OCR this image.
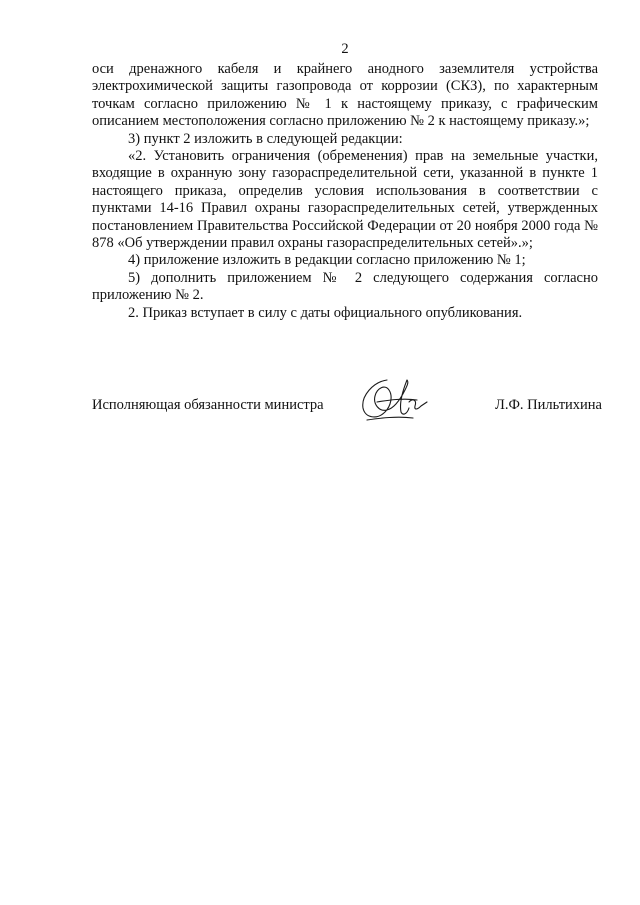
2

оси дренажного кабеля и крайнего анодного заземлителя устройства электрохимической защиты газопровода от коррозии (СКЗ), по характерным точкам согласно приложению № 1 к настоящему приказу, с графическим описанием местоположения согласно приложению № 2 к настоящему приказу.»;

3) пункт 2 изложить в следующей редакции:

«2. Установить ограничения (обременения) прав на земельные участки, входящие в охранную зону газораспределительной сети, указанной в пункте 1 настоящего приказа, определив условия использования в соответствии с пунктами 14-16 Правил охраны газораспределительных сетей, утвержденных постановлением Правительства Российской Федерации от 20 ноября 2000 года № 878 «Об утверждении правил охраны газораспределительных сетей».»;

4) приложение изложить в редакции согласно приложению № 1;

5) дополнить приложением № 2 следующего содержания согласно приложению № 2.

2. Приказ вступает в силу с даты официального опубликования.

Исполняющая обязанности министра	Л.Ф. Пильтихина
